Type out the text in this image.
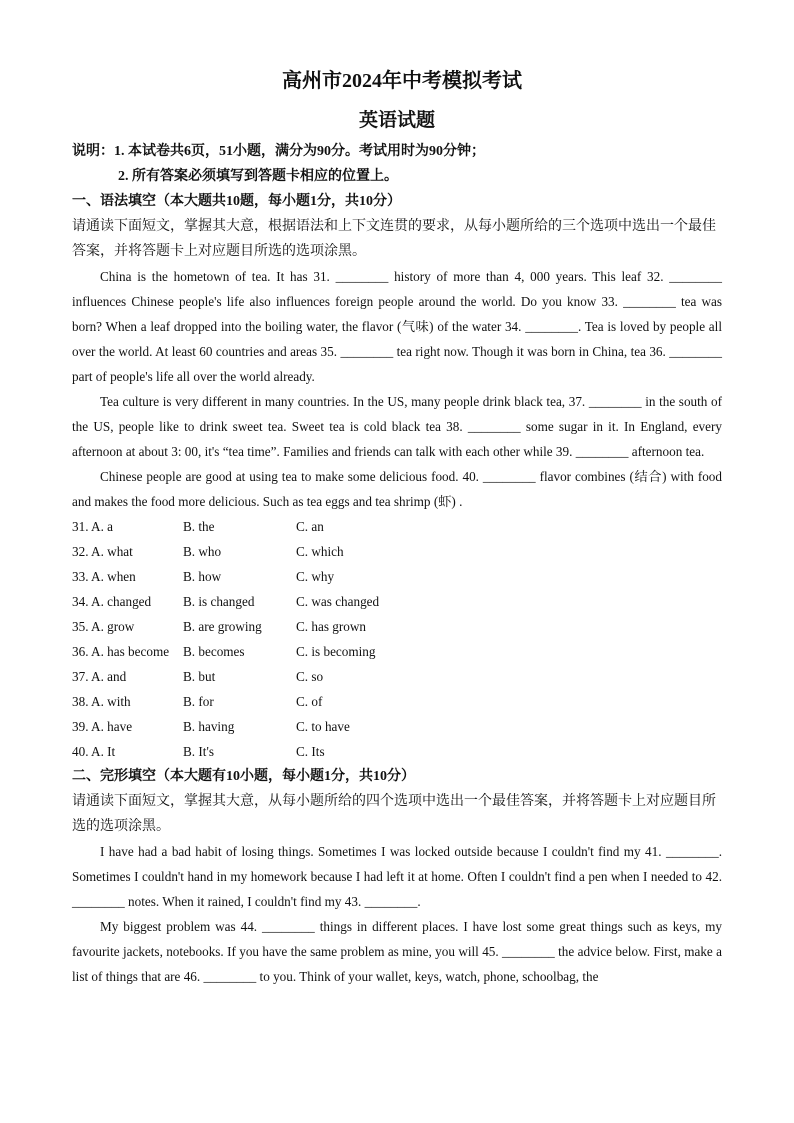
高州市2024年中考模拟考试
英语试题
说明：1. 本试卷共6页，51小题，满分为90分。考试用时为90分钟；
2. 所有答案必须填写到答题卡相应的位置上。
一、语法填空（本大题共10题，每小题1分，共10分）
请通读下面短文，掌握其大意，根据语法和上下文连贯的要求，从每小题所给的三个选项中选出一个最佳答案，并将答题卡上对应题目所选的选项涂黑。

China is the hometown of tea. It has 31. ________ history of more than 4, 000 years. This leaf 32. ________ influences Chinese people's life also influences foreign people around the world. Do you know 33. ________ tea was born? When a leaf dropped into the boiling water, the flavor (气味) of the water 34. ________. Tea is loved by people all over the world. At least 60 countries and areas 35. ________ tea right now. Though it was born in China, tea 36. ________ part of people's life all over the world already.

Tea culture is very different in many countries. In the US, many people drink black tea, 37. ________ in the south of the US, people like to drink sweet tea. Sweet tea is cold black tea 38. ________ some sugar in it. In England, every afternoon at about 3: 00, it's “tea time”. Families and friends can talk with each other while 39. ________ afternoon tea.

Chinese people are good at using tea to make some delicious food. 40. ________ flavor combines (结合) with food and makes the food more delicious. Such as tea eggs and tea shrimp (虾) .

31. A. a	B. the	C. an
32. A. what	B. who	C. which
33. A. when	B. how	C. why
34. A. changed	B. is changed	C. was changed
35. A. grow	B. are growing	C. has grown
36. A. has become	B. becomes	C. is becoming
37. A. and	B. but	C. so
38. A. with	B. for	C. of
39. A. have	B. having	C. to have
40. A. It	B. It's	C. Its
二、完形填空（本大题有10小题，每小题1分，共10分）
请通读下面短文，掌握其大意，从每小题所给的四个选项中选出一个最佳答案，并将答题卡上对应题目所选的选项涂黑。

I have had a bad habit of losing things. Sometimes I was locked outside because I couldn't find my 41. ________. Sometimes I couldn't hand in my homework because I had left it at home. Often I couldn't find a pen when I needed to 42. ________ notes. When it rained, I couldn't find my 43. ________.

My biggest problem was 44. ________ things in different places. I have lost some great things such as keys, my favourite jackets, notebooks. If you have the same problem as mine, you will 45. ________ the advice below. First, make a list of things that are 46. ________ to you. Think of your wallet, keys, watch, phone, schoolbag, the
